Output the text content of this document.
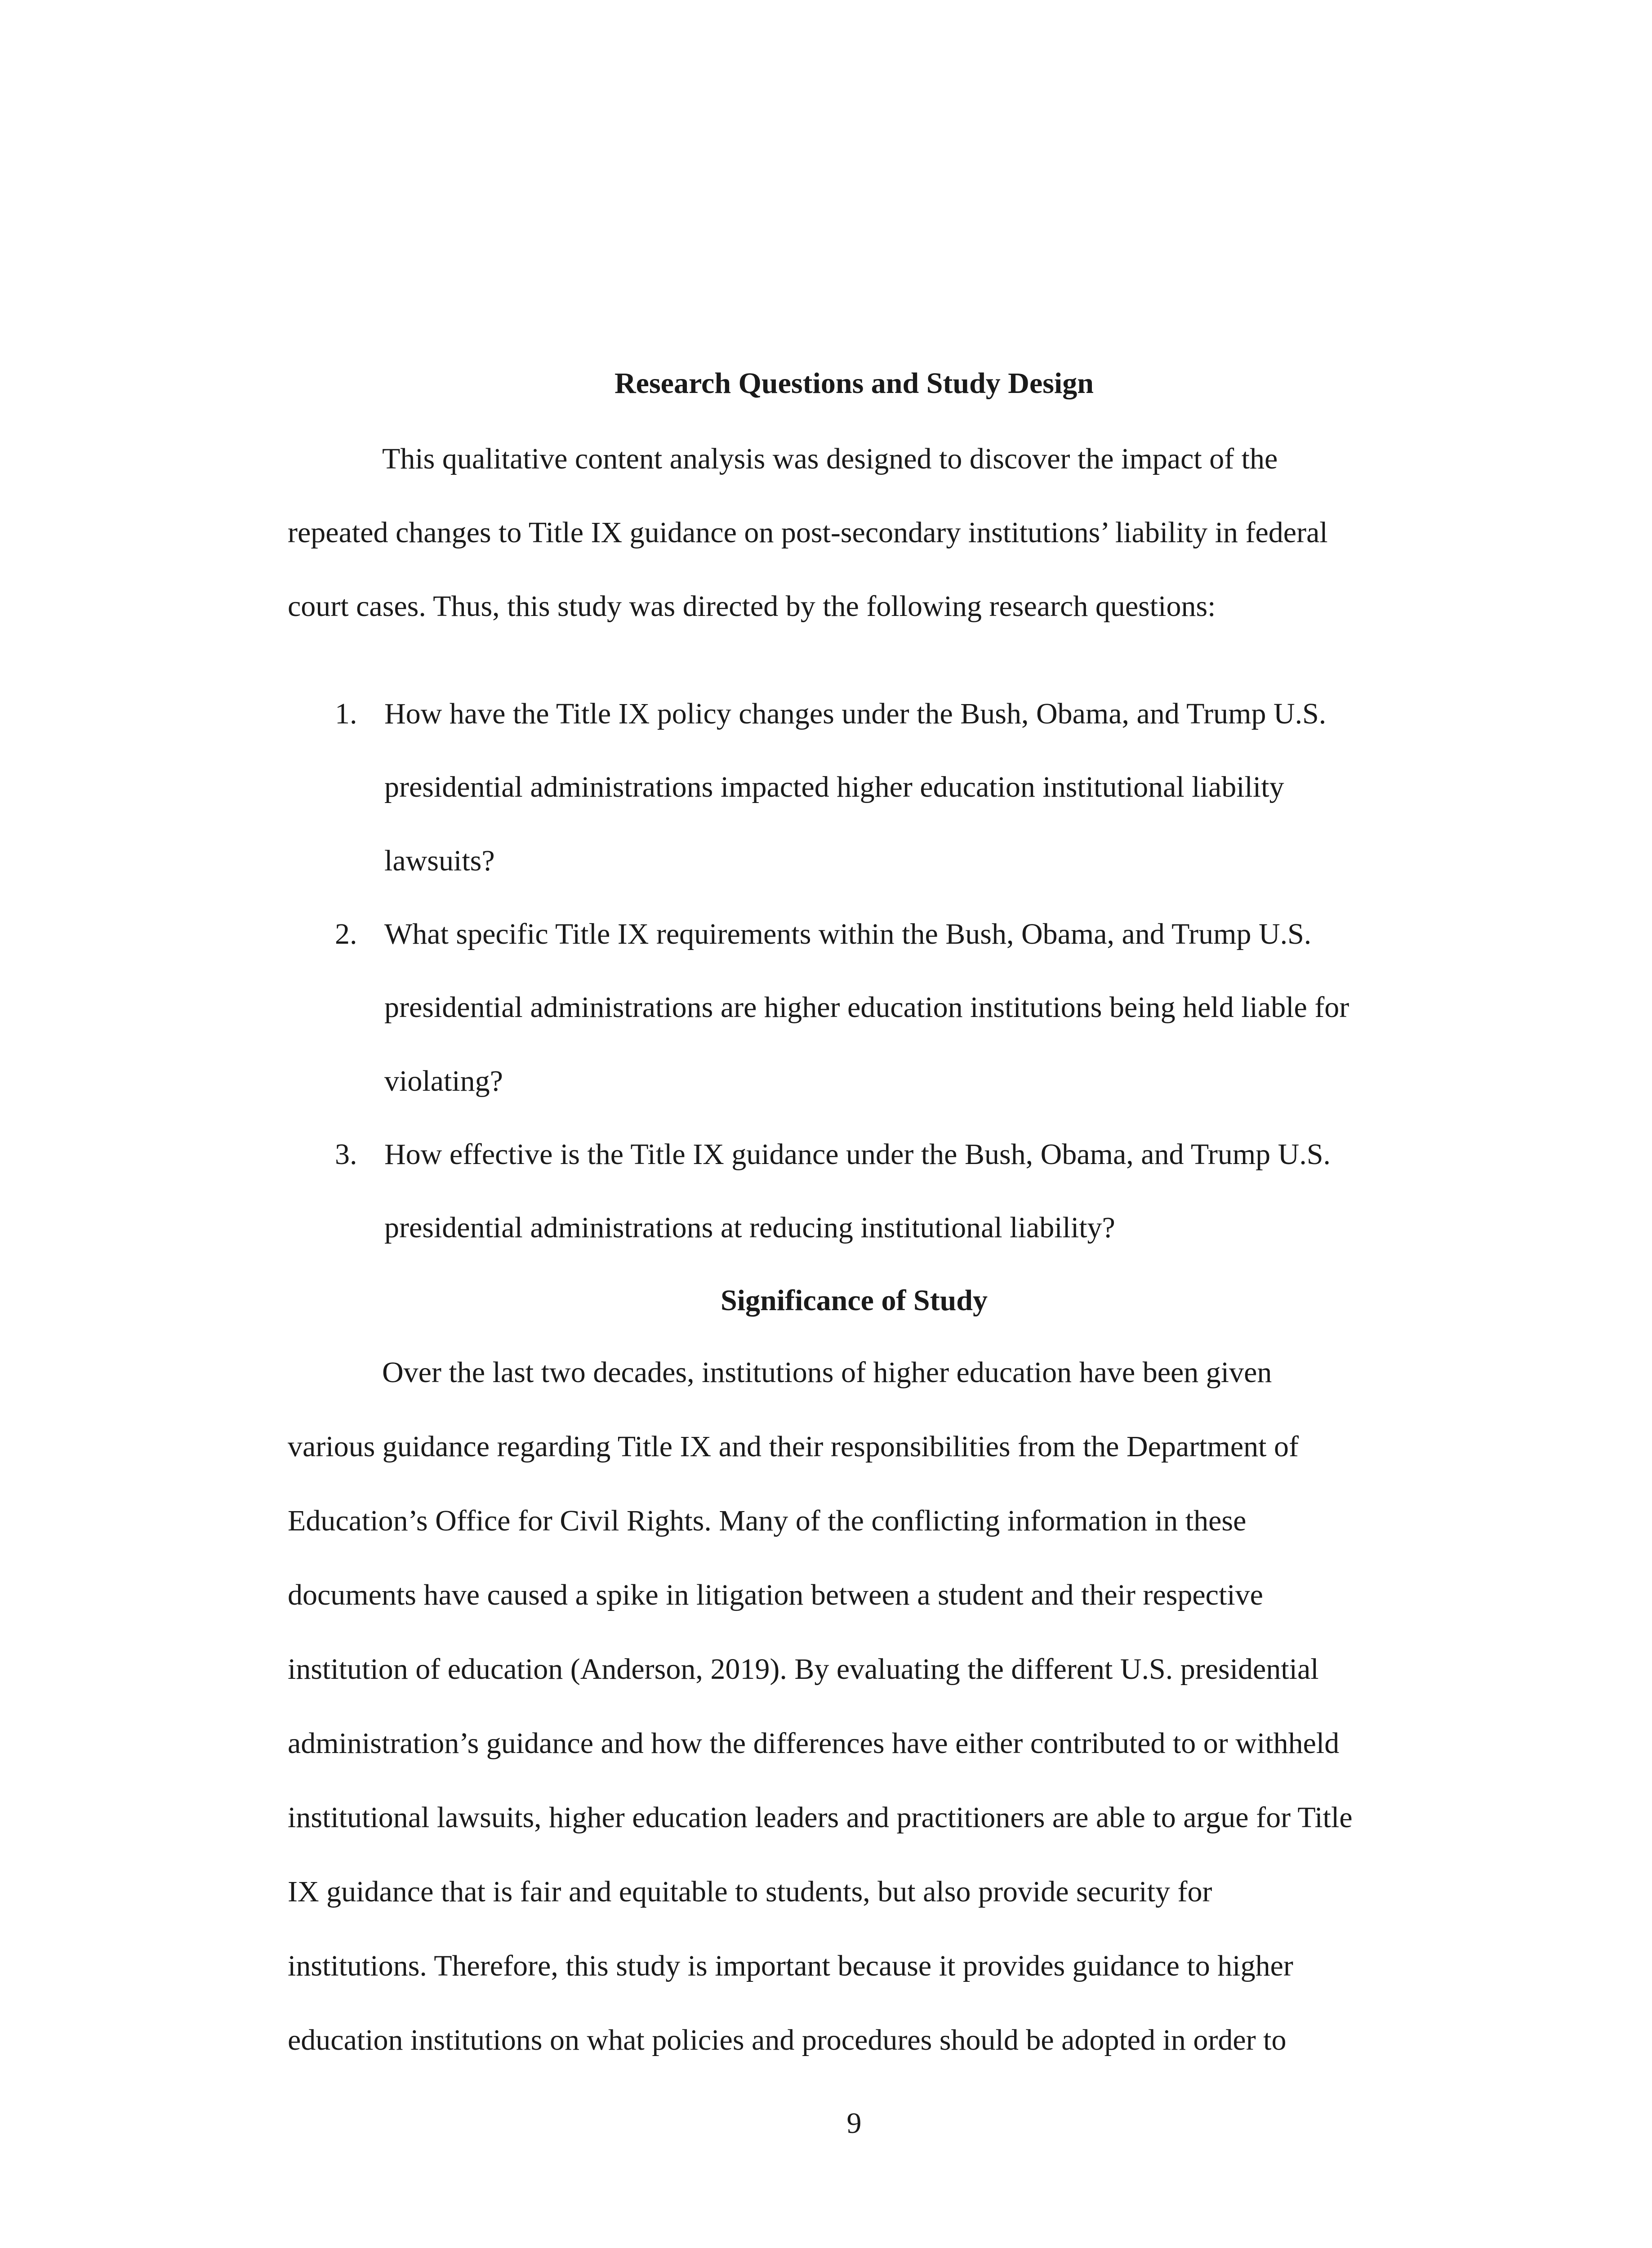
Research Questions and Study Design
This qualitative content analysis was designed to discover the impact of the
repeated changes to Title IX guidance on post-secondary institutions’ liability in federal
court cases. Thus, this study was directed by the following research questions:
1. How have the Title IX policy changes under the Bush, Obama, and Trump U.S.
presidential administrations impacted higher education institutional liability
lawsuits?
2. What specific Title IX requirements within the Bush, Obama, and Trump U.S.
presidential administrations are higher education institutions being held liable for
violating?
3. How effective is the Title IX guidance under the Bush, Obama, and Trump U.S.
presidential administrations at reducing institutional liability?
Significance of Study
Over the last two decades, institutions of higher education have been given
various guidance regarding Title IX and their responsibilities from the Department of
Education’s Office for Civil Rights. Many of the conflicting information in these
documents have caused a spike in litigation between a student and their respective
institution of education (Anderson, 2019). By evaluating the different U.S. presidential
administration’s guidance and how the differences have either contributed to or withheld
institutional lawsuits, higher education leaders and practitioners are able to argue for Title
IX guidance that is fair and equitable to students, but also provide security for
institutions. Therefore, this study is important because it provides guidance to higher
education institutions on what policies and procedures should be adopted in order to
9
